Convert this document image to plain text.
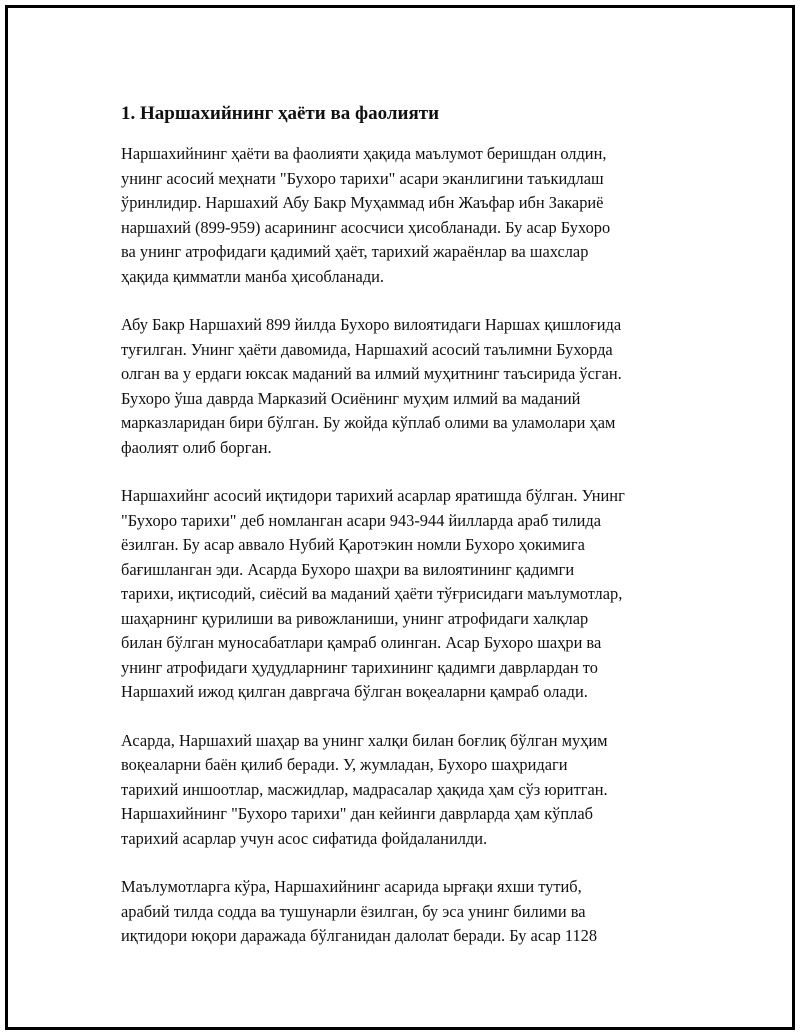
1. Наршахийнинг ҳаёти ва фаолияти

Наршахийнинг ҳаёти ва фаолияти ҳақида маълумот беришдан олдин,
унинг асосий меҳнати "Бухоро тарихи" асари эканлигини таъкидлаш
ўринлидир. Наршахий Абу Бакр Муҳаммад ибн Жаъфар ибн Закариё
наршахий (899-959) асарининг асосчиси ҳисобланади. Бу асар Бухоро
ва унинг атрофидаги қадимий ҳаёт, тарихий жараёнлар ва шахслар
ҳақида қимматли манба ҳисобланади.

Абу Бакр Наршахий 899 йилда Бухоро вилоятидаги Наршах қишлоғида
туғилган. Унинг ҳаёти давомида, Наршахий асосий таълимни Бухорда
олган ва у ердаги юксак маданий ва илмий муҳитнинг таъсирида ўсган.
Бухоро ўша даврда Марказий Осиёнинг муҳим илмий ва маданий
марказларидан бири бўлган. Бу жойда кўплаб олими ва уламолари ҳам
фаолият олиб борган.

Наршахийнг асосий иқтидори тарихий асарлар яратишда бўлган. Унинг
"Бухоро тарихи" деб номланган асари 943-944 йилларда араб тилида
ёзилган. Бу асар аввало Нубий Қаротэкин номли Бухоро ҳокимига
бағишланган эди. Асарда Бухоро шаҳри ва вилоятининг қадимги
тарихи, иқтисодий, сиёсий ва маданий ҳаёти тўғрисидаги маълумотлар,
шаҳарнинг қурилиши ва ривожланиши, унинг атрофидаги халқлар
билан бўлган муносабатлари қамраб олинган. Асар Бухоро шаҳри ва
унинг атрофидаги ҳудудларнинг тарихининг қадимги даврлардан то
Наршахий ижод қилган давргача бўлган воқеаларни қамраб олади.

Асарда, Наршахий шаҳар ва унинг халқи билан боғлиқ бўлган муҳим
воқеаларни баён қилиб беради. У, жумладан, Бухоро шаҳридаги
тарихий иншоотлар, масжидлар, мадрасалар ҳақида ҳам сўз юритган.
Наршахийнинг "Бухоро тарихи" дан кейинги даврларда ҳам кўплаб
тарихий асарлар учун асос сифатида фойдаланилди.

Маълумотларга кўра, Наршахийнинг асарида ырғақи яхши тутиб,
арабий тилда содда ва тушунарли ёзилган, бу эса унинг билими ва
иқтидори юқори даражада бўлганидан далолат беради. Бу асар 1128
